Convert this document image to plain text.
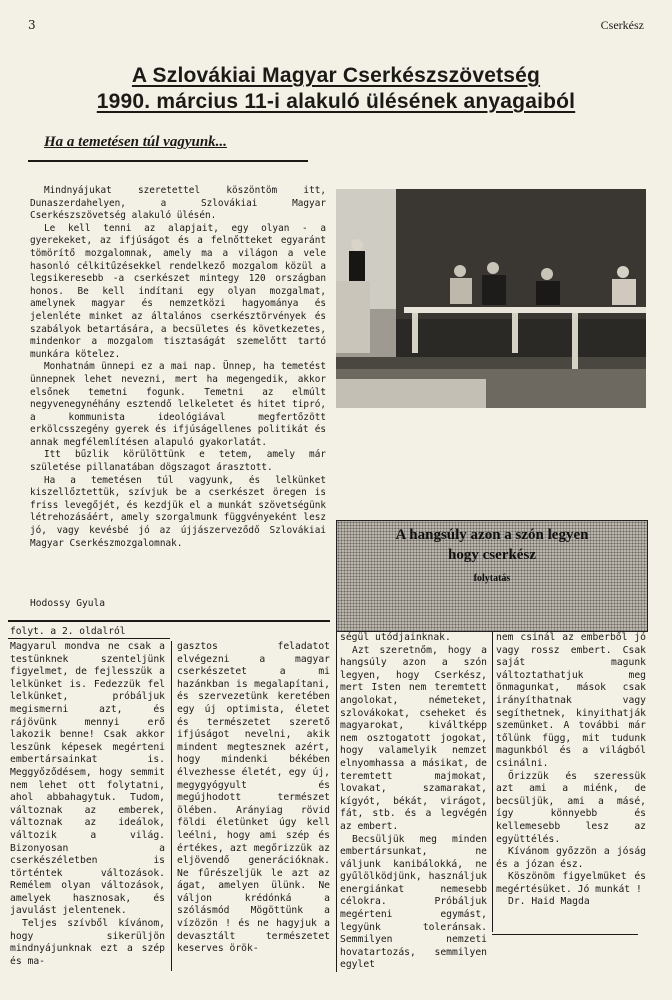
3	Cserkész
A Szlovákiai Magyar Cserkészszövetség
1990. március 11-i alakuló ülésének anyagaiból
Ha a temetésen túl vagyunk...

Mindnyájukat szeretettel köszöntöm itt, Dunaszerdahelyen, a Szlovákiai Magyar Cserkészszövetség alakuló ülésén.

Le kell tenni az alapjait, egy olyan - a gyerekeket, az ifjúságot és a felnőtteket egyaránt tömörítő mozgalomnak, amely ma a világon a vele hasonló célkitűzésekkel rendelkező mozgalom közül a legsikeresebb -a cserkészet mintegy 120 országban honos. Be kell indítani egy olyan mozgalmat, amelynek magyar és nemzetközi hagyománya és jelenléte minket az általános cserkésztörvények és szabályok betartására, a becsületes és következetes, mindenkor a mozgalom tisztaságát szemelőtt tartó munkára kötelez.

Monhatnám ünnepi ez a mai nap. Ünnep, ha temetést ünnepnek lehet nevezni, mert ha megengedik, akkor elsőnek temetni fogunk. Temetni az elmúlt negyvenegynéhány esztendő lelkeletet és hitet tipró, a kommunista ideológiával megfertőzött erkölcsszegény gyerek és ifjúságellenes politikát és annak megfélemlítésen alapuló gyakorlatát.

Itt bűzlik körülöttünk e tetem, amely már születése pillanatában dögszagot árasztott.

Ha a temetésen túl vagyunk, és lelkünket kiszellőztettük, szívjuk be a cserkészet öregen is friss levegőjét, és kezdjük el a munkát szövetségünk létrehozásáért, amely szorgalmunk függvényeként lesz jó, vagy kevésbé jó az újjászerveződő Szlovákiai Magyar Cserkészmozgalomnak.

Hodossy Gyula
A hangsúly azon a szón legyen
hogy cserkész
folytatás
folyt. a 2. oldalról

Magyarul mondva ne csak a testünknek szenteljünk figyelmet, de fejlesszük a lelkünket is. Fedezzük fel lelkünket, próbáljuk megismerni azt, és rájövünk mennyi erő lakozik benne! Csak akkor leszünk képesek megérteni embertársainkat is. Meggyőződésem, hogy semmit nem lehet ott folytatni, ahol abbahagytuk. Tudom, változnak az emberek, változnak az ideálok, változik a világ. Bizonyosan a cserkészéletben is történtek változások. Remélem olyan változások, amelyek hasznosak, és javulást jelentenek.

Teljes szívből kívánom, hogy sikerüljön mindnyájunknak ezt a szép és ma-

gasztos feladatot elvégezni a magyar cserkészetet a mi hazánkban is megalapítani, és szervezetünk keretében egy új optimista, életet és természetet szerető ifjúságot nevelni, akik mindent megtesznek azért, hogy mindenki békében élvezhesse életét, egy új, megygyógyult és megújhodott természet ölében. Arányiag rövid földi életünket úgy kell leélni, hogy ami szép és értékes, azt megőrizzük az eljövendő generációknak. Ne fűrészeljük le azt az ágat, amelyen ülünk. Ne váljon krédónká a szólásmód Mögöttünk a vízözön ! és ne hagyjuk a devasztált természetet keserves örök-

ségül utódjainknak.

Azt szeretnőm, hogy a hangsúly azon a szón legyen, hogy Cserkész, mert Isten nem teremtett angolokat, németeket, szlovákokat, cseheket és magyarokat, kiváltképp nem osztogatott jogokat, hogy valamelyik nemzet elnyomhassa a másikat, de teremtett majmokat, lovakat, szamarakat, kígyót, békát, virágot, fát, stb. és a legvégén az embert.

Becsüljük meg minden embertársunkat, ne váljunk kanibálokká, ne gyűlölködjünk, használjuk energiánkat nemesebb célokra. Próbáljuk megérteni egymást, legyünk toleránsak. Semmilyen nemzeti hovatartozás, semmilyen egylet

nem csinál az emberből jó vagy rossz embert. Csak saját magunk változtathatjuk meg önmagunkat, mások csak irányíthatnak vagy segíthetnek, kinyithatják szemünket. A további már tőlünk függ, mit tudunk magunkból és a világból csinálni.

Őrizzük és szeressük azt ami a miénk, de becsüljük, ami a másé, így könnyebb és kellemesebb lesz az együttélés.

Kívánom győzzön a jóság és a józan ész.

Köszönöm figyelmüket és megértésüket. Jó munkát !

Dr. Haid Magda
